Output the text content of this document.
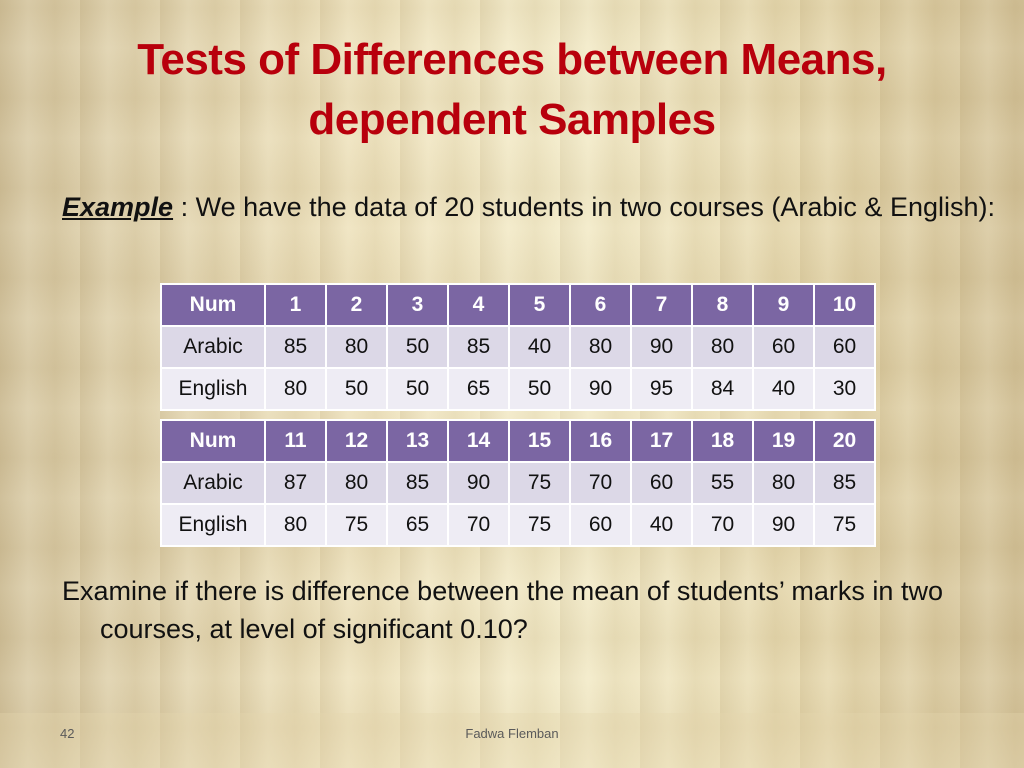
Tests of Differences between Means, dependent Samples
Example : We have the data of 20 students in two courses (Arabic & English):
Num	1	2	3	4	5	6	7	8	9	10
Arabic	85	80	50	85	40	80	90	80	60	60
English	80	50	50	65	50	90	95	84	40	30
Num	11	12	13	14	15	16	17	18	19	20
Arabic	87	80	85	90	75	70	60	55	80	85
English	80	75	65	70	75	60	40	70	90	75
Examine if there is difference between the mean of students’ marks in two courses, at level of significant 0.10?
42	Fadwa Flemban
